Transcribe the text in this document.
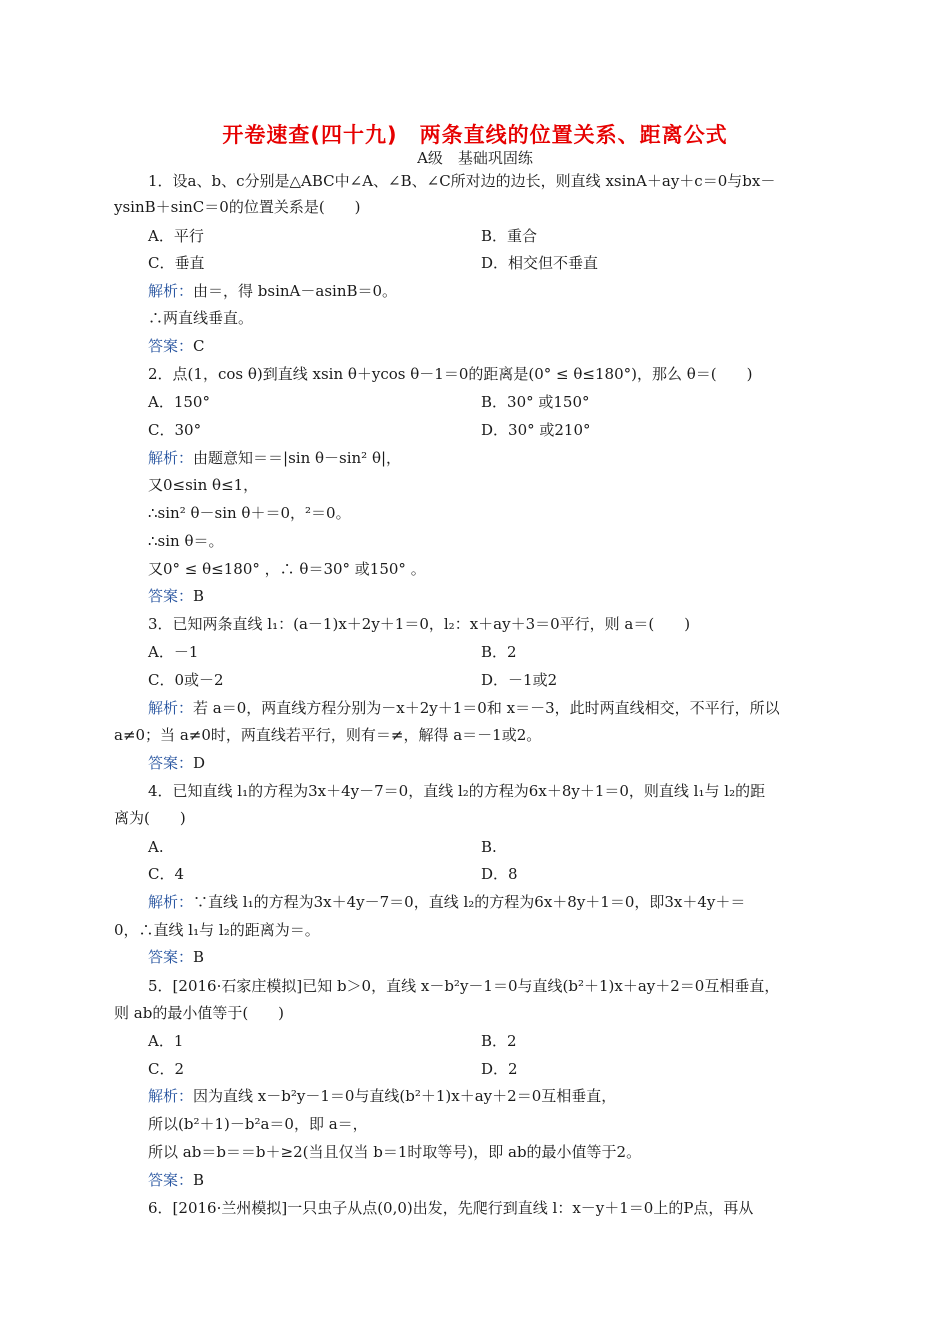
开卷速查(四十九)　两条直线的位置关系、距离公式
A级　基础巩固练
1．设a、b、c分别是△ABC中∠A、∠B、∠C所对边的边长，则直线 xsinA＋ay＋c＝0与bx－
ysinB＋sinC＝0的位置关系是(　　)
A．平行	B．重合
C．垂直	D．相交但不垂直
解析：由＝，得 bsinA－asinB＝0。
∴两直线垂直。
答案：C
2．点(1，cos θ)到直线 xsin θ＋ycos θ－1＝0的距离是(0° ≤ θ≤180°)，那么 θ＝(　　)
A．150°	B．30° 或150°
C．30°	D．30° 或210°
解析：由题意知＝＝|sin θ－sin² θ|，
又0≤sin θ≤1，
∴sin² θ－sin θ＋＝0，²＝0。
∴sin θ＝。
又0° ≤ θ≤180° ，∴ θ＝30° 或150° 。
答案：B
3．已知两条直线 l₁：(a－1)x＋2y＋1＝0，l₂：x＋ay＋3＝0平行，则 a＝(　　)
A．－1	B．2
C．0或－2	D．－1或2
解析：若 a＝0，两直线方程分别为－x＋2y＋1＝0和 x＝－3，此时两直线相交，不平行，所以
a≠0；当 a≠0时，两直线若平行，则有＝≠，解得 a＝－1或2。
答案：D
4．已知直线 l₁的方程为3x＋4y－7＝0，直线 l₂的方程为6x＋8y＋1＝0，则直线 l₁与 l₂的距
离为(　　)
A.	B.
C．4	D．8
解析：∵直线 l₁的方程为3x＋4y－7＝0，直线 l₂的方程为6x＋8y＋1＝0，即3x＋4y＋＝
0，∴直线 l₁与 l₂的距离为＝。
答案：B
5．[2016·石家庄模拟]已知 b＞0，直线 x－b²y－1＝0与直线(b²＋1)x＋ay＋2＝0互相垂直，
则 ab的最小值等于(　　)
A．1	B．2
C．2	D．2
解析：因为直线 x－b²y－1＝0与直线(b²＋1)x＋ay＋2＝0互相垂直，
所以(b²＋1)－b²a＝0，即 a＝，
所以 ab＝b＝＝b＋≥2(当且仅当 b＝1时取等号)，即 ab的最小值等于2。
答案：B
6．[2016·兰州模拟]一只虫子从点(0,0)出发，先爬行到直线 l：x－y＋1＝0上的P点，再从
